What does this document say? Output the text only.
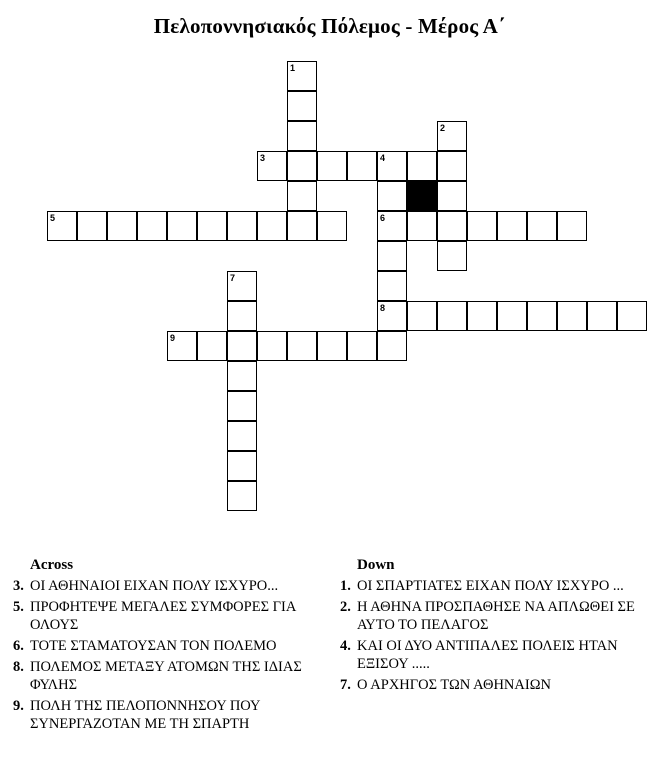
Πελοποννησιακός Πόλεμος - Μέρος Α΄
1
2
3	4
6
8
5
7
9
Across
3. ΟΙ ΑΘΗΝΑΙΟΙ ΕΙΧΑΝ ΠΟΛΥ ΙΣΧΥΡΟ...
5. ΠΡΟΦΗΤΕΨΕ ΜΕΓΑΛΕΣ ΣΥΜΦΟΡΕΣ ΓΙΑ ΟΛΟΥΣ
6. ΤΟΤΕ ΣΤΑΜΑΤΟΥΣΑΝ ΤΟΝ ΠΟΛΕΜΟ
8. ΠΟΛΕΜΟΣ ΜΕΤΑΞΥ ΑΤΟΜΩΝ ΤΗΣ ΙΔΙΑΣ ΦΥΛΗΣ
9. ΠΟΛΗ ΤΗΣ ΠΕΛΟΠΟΝΝΗΣΟΥ ΠΟΥ ΣΥΝΕΡΓΑΖΟΤΑΝ ΜΕ ΤΗ ΣΠΑΡΤΗ
Down
1. ΟΙ ΣΠΑΡΤΙΑΤΕΣ ΕΙΧΑΝ ΠΟΛΥ ΙΣΧΥΡΟ ...
2. Η ΑΘΗΝΑ ΠΡΟΣΠΑΘΗΣΕ ΝΑ ΑΠΛΩΘΕΙ ΣΕ ΑΥΤΟ ΤΟ ΠΕΛΑΓΟΣ
4. ΚΑΙ ΟΙ ΔΥΟ ΑΝΤΙΠΑΛΕΣ ΠΟΛΕΙΣ ΗΤΑΝ ΕΞΙΣΟΥ .....
7. Ο ΑΡΧΗΓΟΣ ΤΩΝ ΑΘΗΝΑΙΩΝ
